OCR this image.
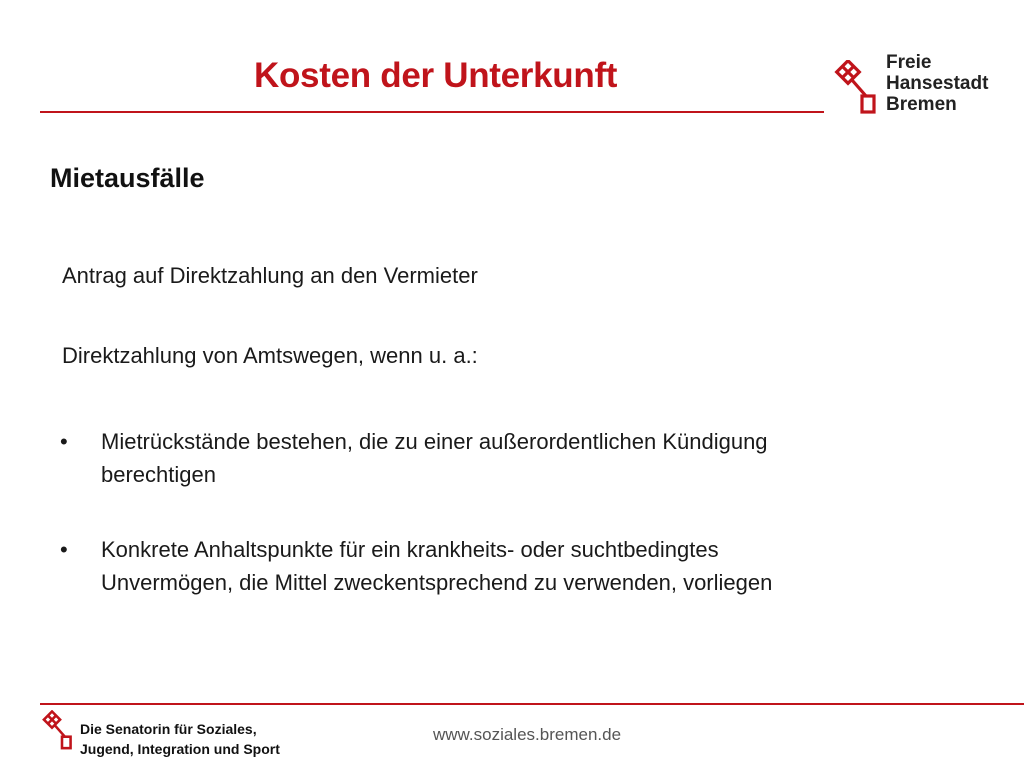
Kosten der Unterkunft	Freie
Hansestadt
Bremen
Mietausfälle

Antrag auf Direktzahlung an den Vermieter

Direktzahlung von Amtswegen, wenn u. a.:

• Mietrückstände bestehen, die zu einer außerordentlichen Kündigung
berechtigen
• Konkrete Anhaltspunkte für ein krankheits- oder suchtbedingtes
Unvermögen, die Mittel zweckentsprechend zu verwenden, vorliegen
Die Senatorin für Soziales,
Jugend, Integration und Sport
www.soziales.bremen.de
